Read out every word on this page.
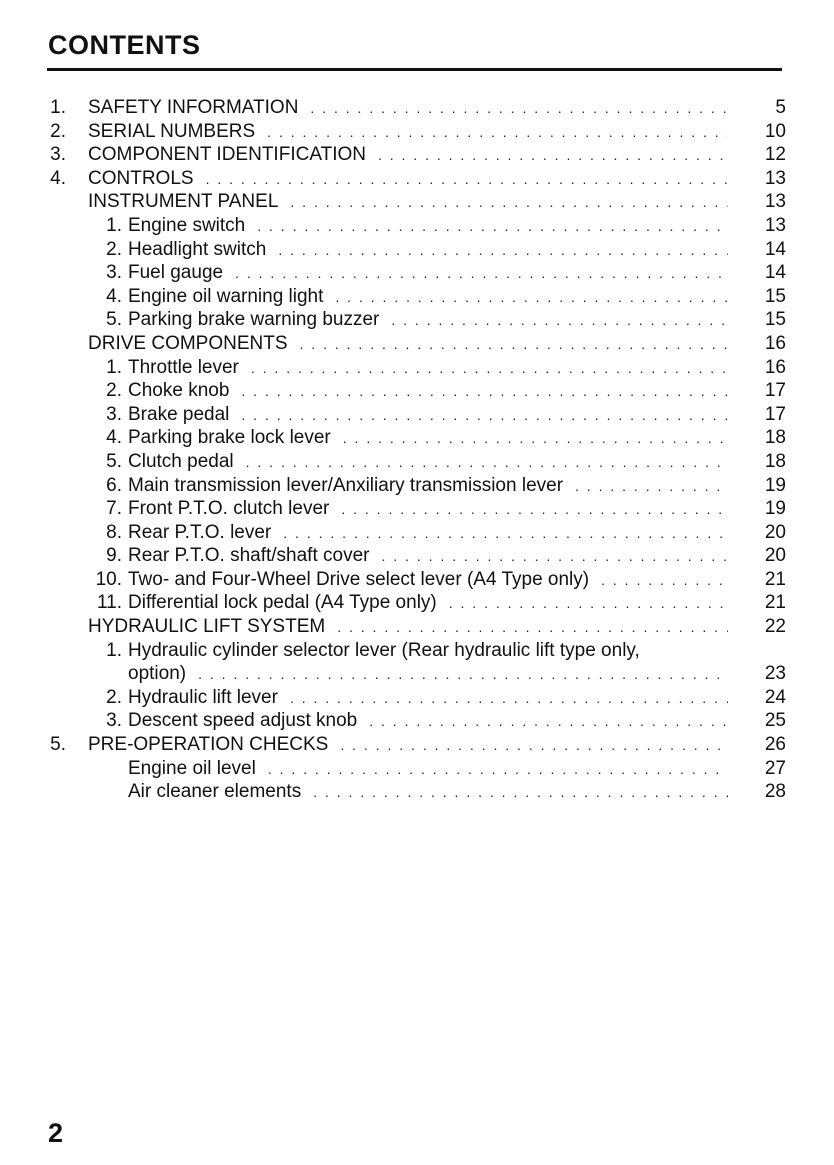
CONTENTS
1. SAFETY INFORMATION . . .	5
2. SERIAL NUMBERS . . .	10
3. COMPONENT IDENTIFICATION . . .	12
4. CONTROLS . . .	13
INSTRUMENT PANEL . . .	13
1. Engine switch . . .	13
2. Headlight switch . . .	14
3. Fuel gauge . . .	14
4. Engine oil warning light . . .	15
5. Parking brake warning buzzer . . .	15
DRIVE COMPONENTS . . .	16
1. Throttle lever . . .	16
2. Choke knob . . .	17
3. Brake pedal . . .	17
4. Parking brake lock lever . . .	18
5. Clutch pedal . . .	18
6. Main transmission lever/Anxiliary transmission lever . . .	19
7. Front P.T.O. clutch lever . . .	19
8. Rear P.T.O. lever . . .	20
9. Rear P.T.O. shaft/shaft cover . . .	20
10. Two- and Four-Wheel Drive select lever (A4 Type only) . . .	21
11. Differential lock pedal (A4 Type only) . . .	21
HYDRAULIC LIFT SYSTEM . . .	22
1. Hydraulic cylinder selector lever (Rear hydraulic lift type only,
option) . . .	23
2. Hydraulic lift lever . . .	24
3. Descent speed adjust knob . . .	25
5. PRE-OPERATION CHECKS . . .	26
Engine oil level . . .	27
Air cleaner elements . . .	28
2
